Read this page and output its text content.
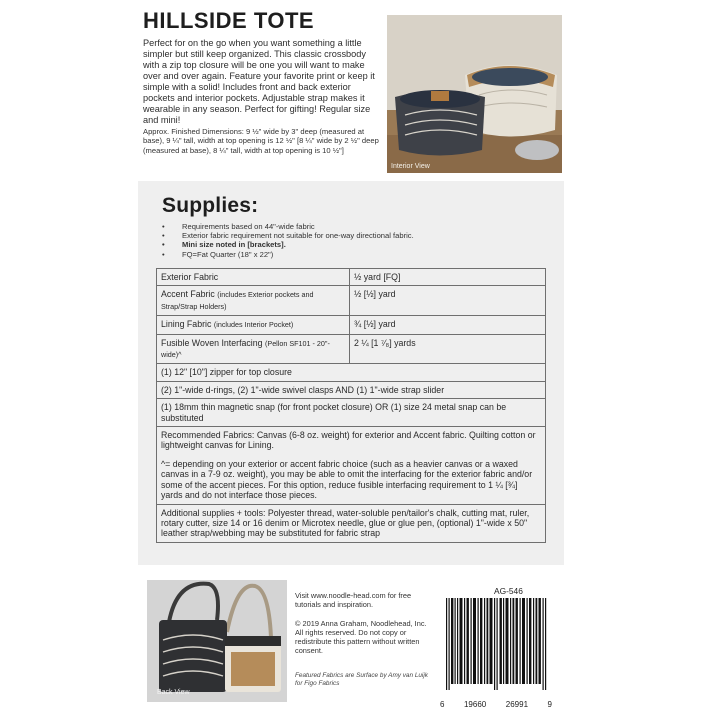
HILLSIDE TOTE

Perfect for on the go when you want something a little simpler but still keep organized. This classic crossbody with a zip top closure will be one you will want to make over and over again. Feature your favorite print or keep it simple with a solid! Includes front and back exterior pockets and interior pockets. Adjustable strap makes it wearable in any season. Perfect for gifting! Regular size and mini!

Approx. Finished Dimensions: 9 ½" wide by 3" deep (measured at base), 9 ¼" tall, width at top opening is 12 ½" [8 ¼" wide by 2 ½" deep (measured at base), 8 ¼" tall, width at top opening is 10 ½"]

Interior View
Supplies:
• Requirements based on 44"-wide fabric
• Exterior fabric requirement not suitable for one-way directional fabric.
• Mini size noted in [brackets].
• FQ=Fat Quarter (18" x 22")
Exterior Fabric	½ yard [FQ]
Accent Fabric (includes Exterior pockets and Strap/Strap Holders)	½ [½] yard
Lining Fabric (includes Interior Pocket)	¾ [½] yard
Fusible Woven Interfacing (Pellon SF101 - 20"-wide)^	2 ¼ [1 ⁷⁄₈] yards
(1) 12" [10"] zipper for top closure	
(2) 1"-wide d-rings, (2) 1"-wide swivel clasps AND (1) 1"-wide strap slider	
(1) 18mm thin magnetic snap (for front pocket closure) OR (1) size 24 metal snap can be substituted	

Recommended Fabrics: Canvas (6-8 oz. weight) for exterior and Accent fabric. Quilting cotton or lightweight canvas for Lining.
^= depending on your exterior or accent fabric choice (such as a heavier canvas or a waxed canvas in a 7-9 oz. weight), you may be able to omit the interfacing for the exterior fabric and/or some of the accent pieces. For this option, reduce fusible interfacing requirement to 1 ¼ [¾] yards and do not interface those pieces.	

Additional supplies + tools: Polyester thread, water-soluble pen/tailor's chalk, cutting mat, ruler, rotary cutter, size 14 or 16 denim or Microtex needle, glue or glue pen, (optional) 1"-wide x 50" leather strap/webbing may be substituted for fabric strap	
Back View

Visit www.noodle-head.com for free tutorials and inspiration.

© 2019 Anna Graham, Noodlehead, Inc. All rights reserved. Do not copy or redistribute this pattern without written consent.

Featured Fabrics are Surface by Amy van Luijk for Figo Fabrics

AG-546

6 19660 26991 9
